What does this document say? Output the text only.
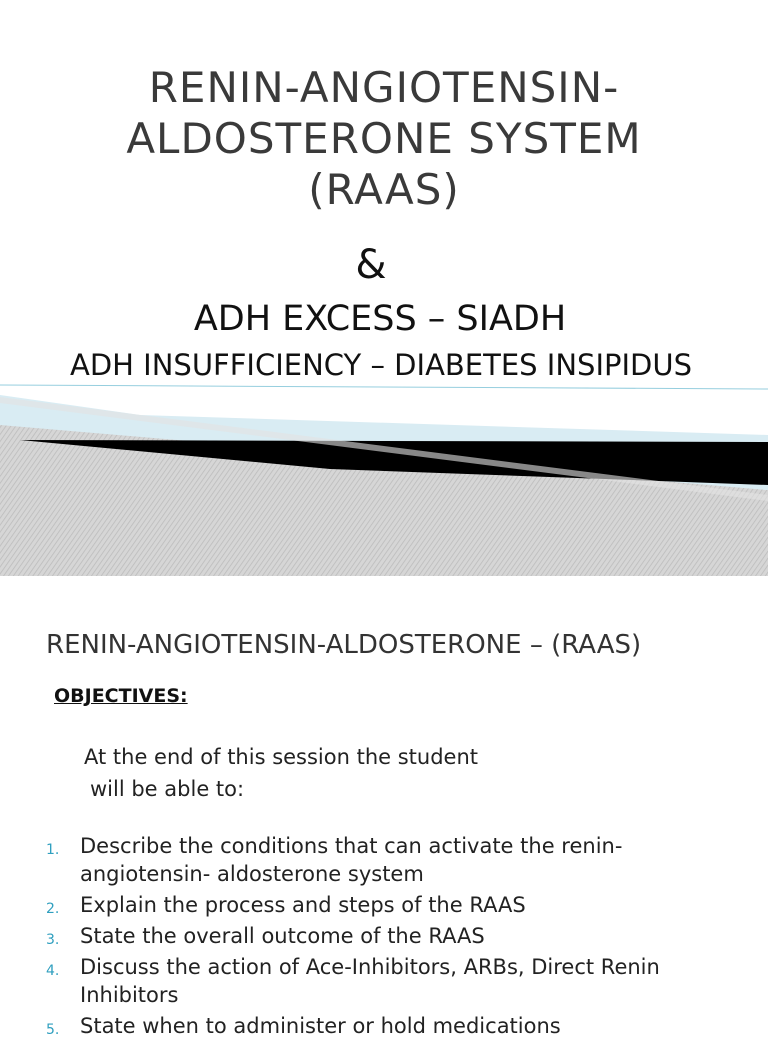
RENIN-ANGIOTENSIN-
ALDOSTERONE SYSTEM
(RAAS)
&
ADH EXCESS – SIADH
ADH INSUFFICIENCY – DIABETES INSIPIDUS
RENIN-ANGIOTENSIN-ALDOSTERONE – (RAAS)
OBJECTIVES:
At the end of this session the student
will be able to:
1. Describe the conditions that can activate the renin-angiotensin- aldosterone system
2. Explain the process and steps of the RAAS
3. State the overall outcome of the RAAS
4. Discuss the action of Ace-Inhibitors, ARBs, Direct Renin Inhibitors
5. State when to administer or hold medications
